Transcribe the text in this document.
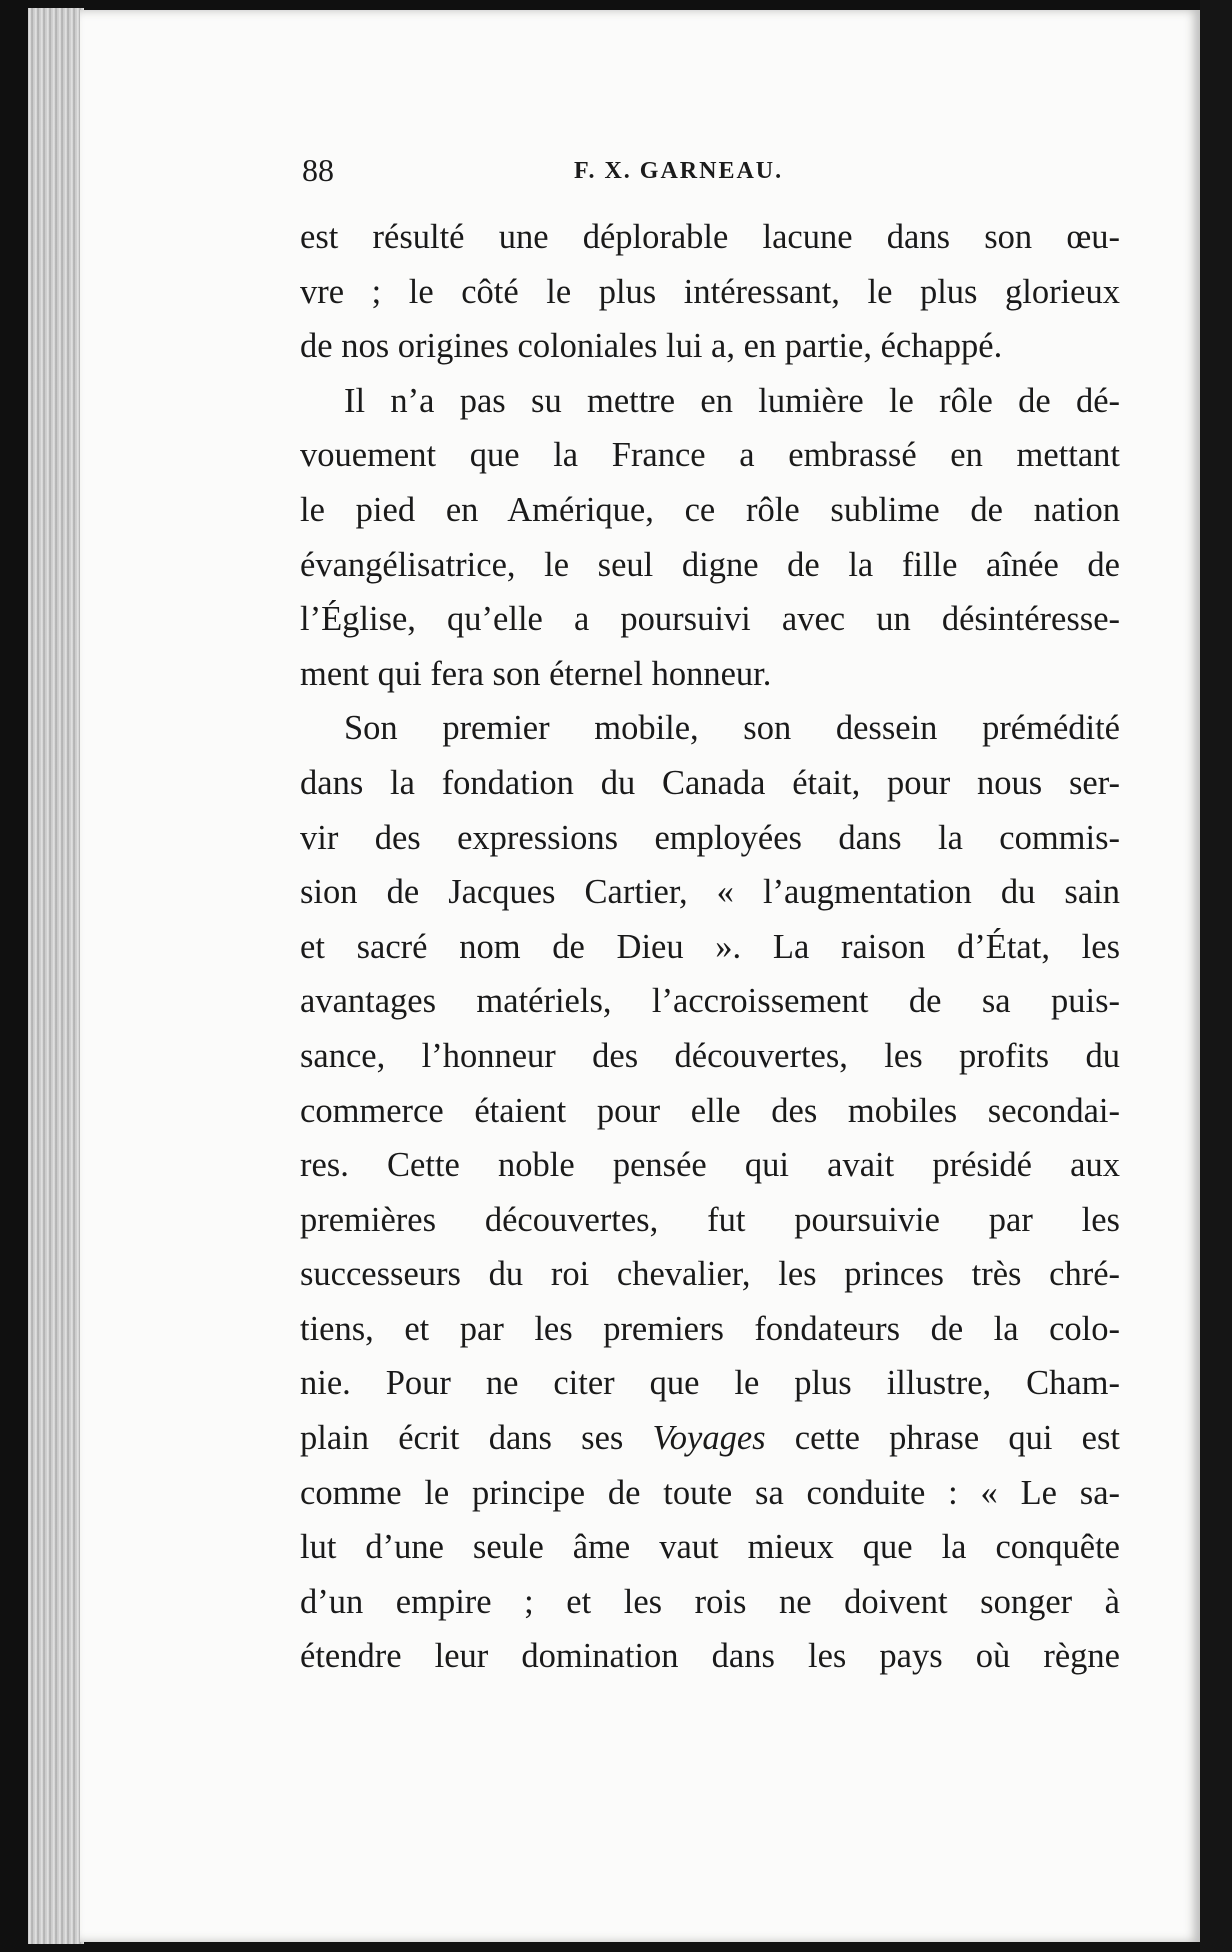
88	F. X. GARNEAU.
est résulté une déplorable lacune dans son œu-
vre ; le côté le plus intéressant, le plus glorieux
de nos origines coloniales lui a, en partie, échappé.
Il n’a pas su mettre en lumière le rôle de dé-
vouement que la France a embrassé en mettant
le pied en Amérique, ce rôle sublime de nation
évangélisatrice, le seul digne de la fille aînée de
l’Église, qu’elle a poursuivi avec un désintéresse-
ment qui fera son éternel honneur.
Son premier mobile, son dessein prémédité
dans la fondation du Canada était, pour nous ser-
vir des expressions employées dans la commis-
sion de Jacques Cartier, « l’augmentation du sain
et sacré nom de Dieu ». La raison d’État, les
avantages matériels, l’accroissement de sa puis-
sance, l’honneur des découvertes, les profits du
commerce étaient pour elle des mobiles secondai-
res. Cette noble pensée qui avait présidé aux
premières découvertes, fut poursuivie par les
successeurs du roi chevalier, les princes très chré-
tiens, et par les premiers fondateurs de la colo-
nie. Pour ne citer que le plus illustre, Cham-
plain écrit dans ses Voyages cette phrase qui est
comme le principe de toute sa conduite : « Le sa-
lut d’une seule âme vaut mieux que la conquête
d’un empire ; et les rois ne doivent songer à
étendre leur domination dans les pays où règne
